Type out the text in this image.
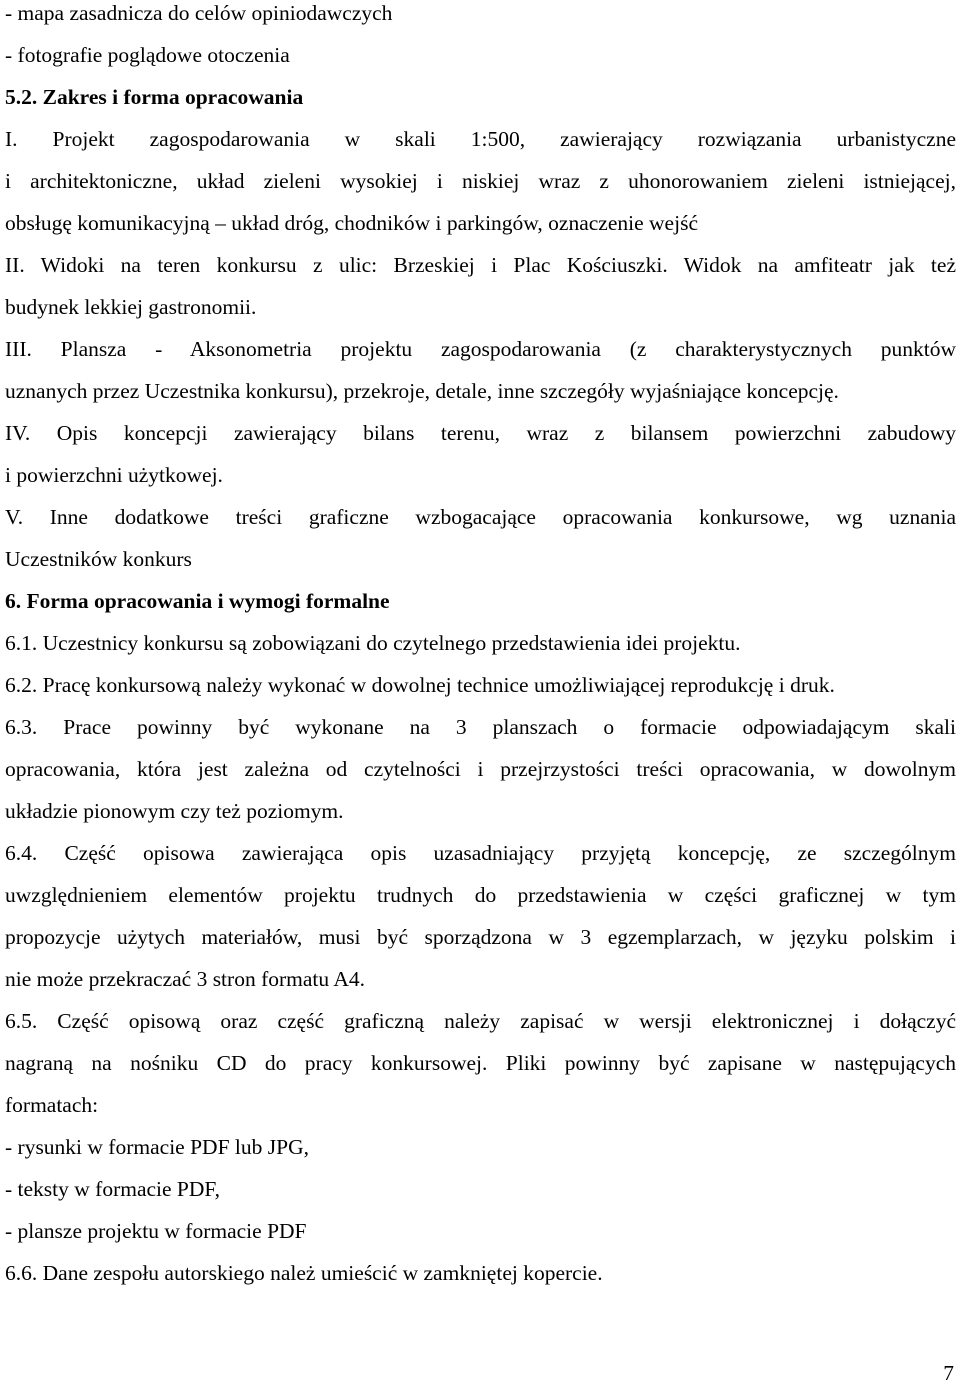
- mapa zasadnicza do celów opiniodawczych
- fotografie poglądowe otoczenia
5.2. Zakres i forma opracowania
I. Projekt zagospodarowania w skali 1:500, zawierający rozwiązania urbanistyczne
i architektoniczne, układ zieleni wysokiej i niskiej wraz z uhonorowaniem zieleni istniejącej,
obsługę komunikacyjną – układ dróg, chodników i parkingów, oznaczenie wejść
II. Widoki na teren konkursu z ulic: Brzeskiej i Plac Kościuszki. Widok na amfiteatr jak też
budynek lekkiej gastronomii.
III. Plansza - Aksonometria projektu zagospodarowania (z charakterystycznych punktów
uznanych przez Uczestnika konkursu), przekroje, detale, inne szczegóły wyjaśniające koncepcję.
IV. Opis koncepcji zawierający bilans terenu, wraz z bilansem powierzchni zabudowy
i powierzchni użytkowej.
V. Inne dodatkowe treści graficzne wzbogacające opracowania konkursowe, wg uznania
Uczestników konkurs
6. Forma opracowania i wymogi formalne
6.1. Uczestnicy konkursu są zobowiązani do czytelnego przedstawienia idei projektu.
6.2. Pracę konkursową należy wykonać w dowolnej technice umożliwiającej reprodukcję i druk.
6.3. Prace powinny być wykonane na 3 planszach o formacie odpowiadającym skali
opracowania, która jest zależna od czytelności i przejrzystości treści opracowania, w dowolnym
układzie pionowym czy też poziomym.
6.4. Część opisowa zawierająca opis uzasadniający przyjętą koncepcję, ze szczególnym
uwzględnieniem elementów projektu trudnych do przedstawienia w części graficznej w tym
propozycje użytych materiałów, musi być sporządzona w 3 egzemplarzach, w języku polskim i
nie może przekraczać 3 stron formatu A4.
6.5. Część opisową oraz część graficzną należy zapisać w wersji elektronicznej i dołączyć
nagraną na nośniku CD do pracy konkursowej. Pliki powinny być zapisane w następujących
formatach:
- rysunki w formacie PDF lub JPG,
- teksty w formacie PDF,
- plansze projektu w formacie PDF
6.6. Dane zespołu autorskiego należ umieścić w zamkniętej kopercie.
7
